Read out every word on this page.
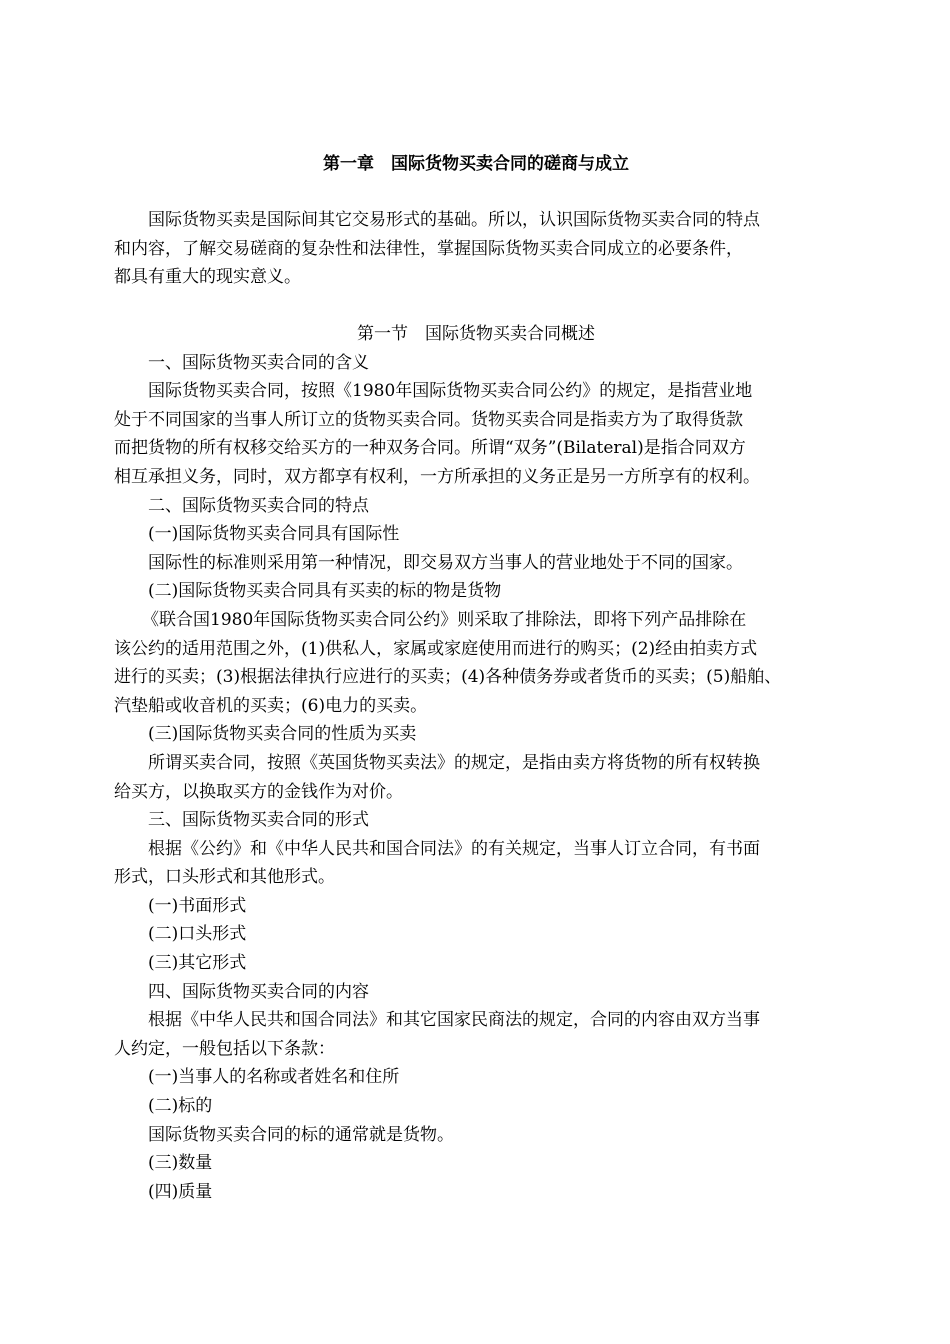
第一章　国际货物买卖合同的磋商与成立
国际货物买卖是国际间其它交易形式的基础。所以，认识国际货物买卖合同的特点
和内容，了解交易磋商的复杂性和法律性，掌握国际货物买卖合同成立的必要条件，
都具有重大的现实意义。
第一节　国际货物买卖合同概述
一、国际货物买卖合同的含义
国际货物买卖合同，按照《1980年国际货物买卖合同公约》的规定，是指营业地
处于不同国家的当事人所订立的货物买卖合同。货物买卖合同是指卖方为了取得货款
而把货物的所有权移交给买方的一种双务合同。所谓“双务”(Bilateral)是指合同双方
相互承担义务，同时，双方都享有权利，一方所承担的义务正是另一方所享有的权利。
二、国际货物买卖合同的特点
(一)国际货物买卖合同具有国际性
国际性的标准则采用第一种情况，即交易双方当事人的营业地处于不同的国家。
(二)国际货物买卖合同具有买卖的标的物是货物
《联合国1980年国际货物买卖合同公约》则采取了排除法，即将下列产品排除在
该公约的适用范围之外，(1)供私人，家属或家庭使用而进行的购买；(2)经由拍卖方式
进行的买卖；(3)根据法律执行应进行的买卖；(4)各种债务券或者货币的买卖；(5)船舶、
汽垫船或收音机的买卖；(6)电力的买卖。
(三)国际货物买卖合同的性质为买卖
所谓买卖合同，按照《英国货物买卖法》的规定，是指由卖方将货物的所有权转换
给买方，以换取买方的金钱作为对价。
三、国际货物买卖合同的形式
根据《公约》和《中华人民共和国合同法》的有关规定，当事人订立合同，有书面
形式，口头形式和其他形式。
(一)书面形式
(二)口头形式
(三)其它形式
四、国际货物买卖合同的内容
根据《中华人民共和国合同法》和其它国家民商法的规定，合同的内容由双方当事
人约定，一般包括以下条款：
(一)当事人的名称或者姓名和住所
(二)标的
国际货物买卖合同的标的通常就是货物。
(三)数量
(四)质量
